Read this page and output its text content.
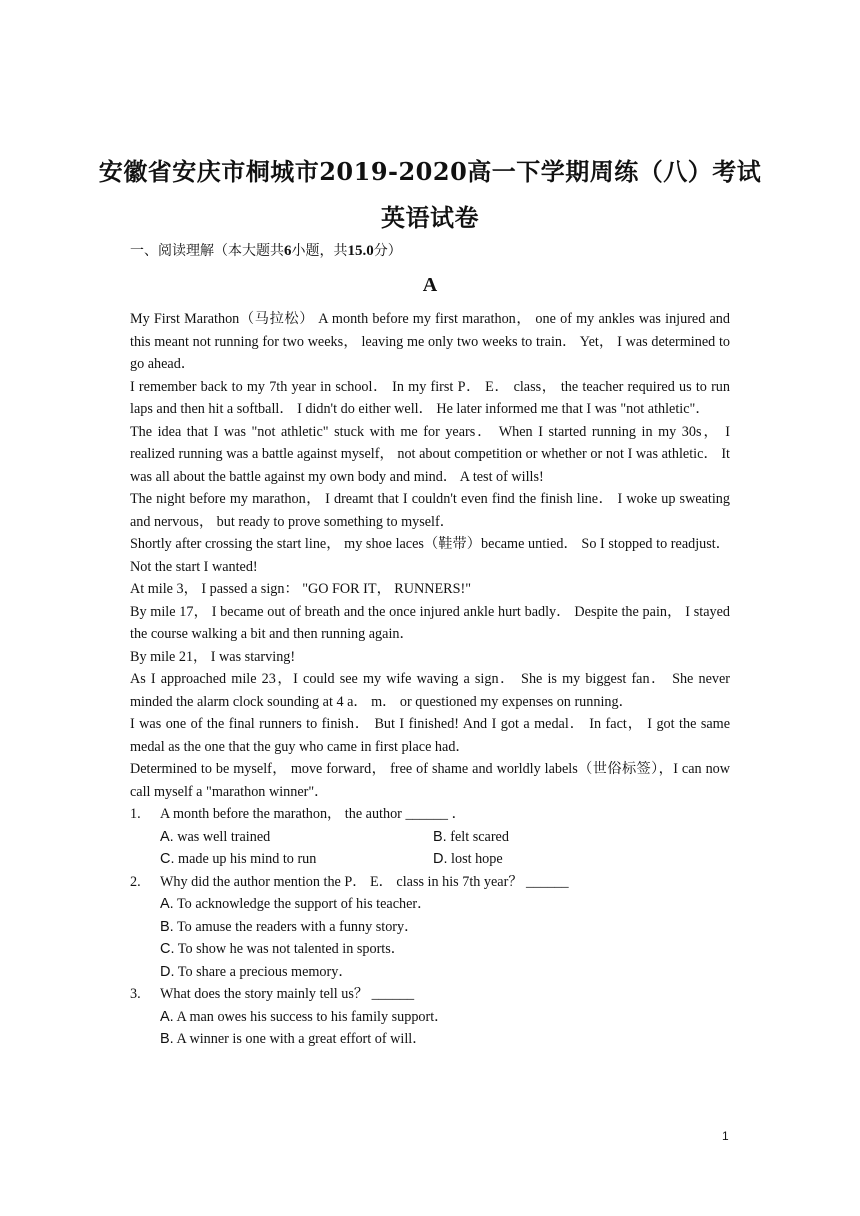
安徽省安庆市桐城市2019-2020高一下学期周练（八）考试
英语试卷
一、阅读理解（本大题共6小题，共15.0分）
A

My First Marathon（马拉松） A month before my first marathon， one of my ankles was injured and this meant not running for two weeks， leaving me only two weeks to train． Yet， I was determined to go ahead．

I remember back to my 7th year in school． In my first P． E． class， the teacher required us to run laps and then hit a softball． I didn't do either well． He later informed me that I was "not athletic"．

The idea that I was "not athletic" stuck with me for years． When I started running in my 30s， I realized running was a battle against myself， not about competition or whether or not I was athletic． It was all about the battle against my own body and mind． A test of wills!

The night before my marathon， I dreamt that I couldn't even find the finish line． I woke up sweating and nervous， but ready to prove something to myself．

Shortly after crossing the start line， my shoe laces（鞋带）became untied． So I stopped to readjust． Not the start I wanted!

At mile 3， I passed a sign： "GO FOR IT， RUNNERS!"

By mile 17， I became out of breath and the once injured ankle hurt badly． Despite the pain， I stayed the course walking a bit and then running again．

By mile 21， I was starving!

As I approached mile 23，I could see my wife waving a sign． She is my biggest fan． She never minded the alarm clock sounding at 4 a． m． or questioned my expenses on running．

I was one of the final runners to finish． But I finished! And I got a medal． In fact， I got the same medal as the one that the guy who came in first place had．

Determined to be myself， move forward， free of shame and worldly labels（世俗标签），I can now call myself a "marathon winner"．

1.	A month before the marathon， the author ______ ．
A. was well trained	B. felt scared
C. made up his mind to run	D. lost hope
2.	Why did the author mention the P． E． class in his 7th year？ ______
A. To acknowledge the support of his teacher．
B. To amuse the readers with a funny story．
C. To show he was not talented in sports．
D. To share a precious memory．
3.	What does the story mainly tell us？ ______
A. A man owes his success to his family support．
B. A winner is one with a great effort of will．
1
